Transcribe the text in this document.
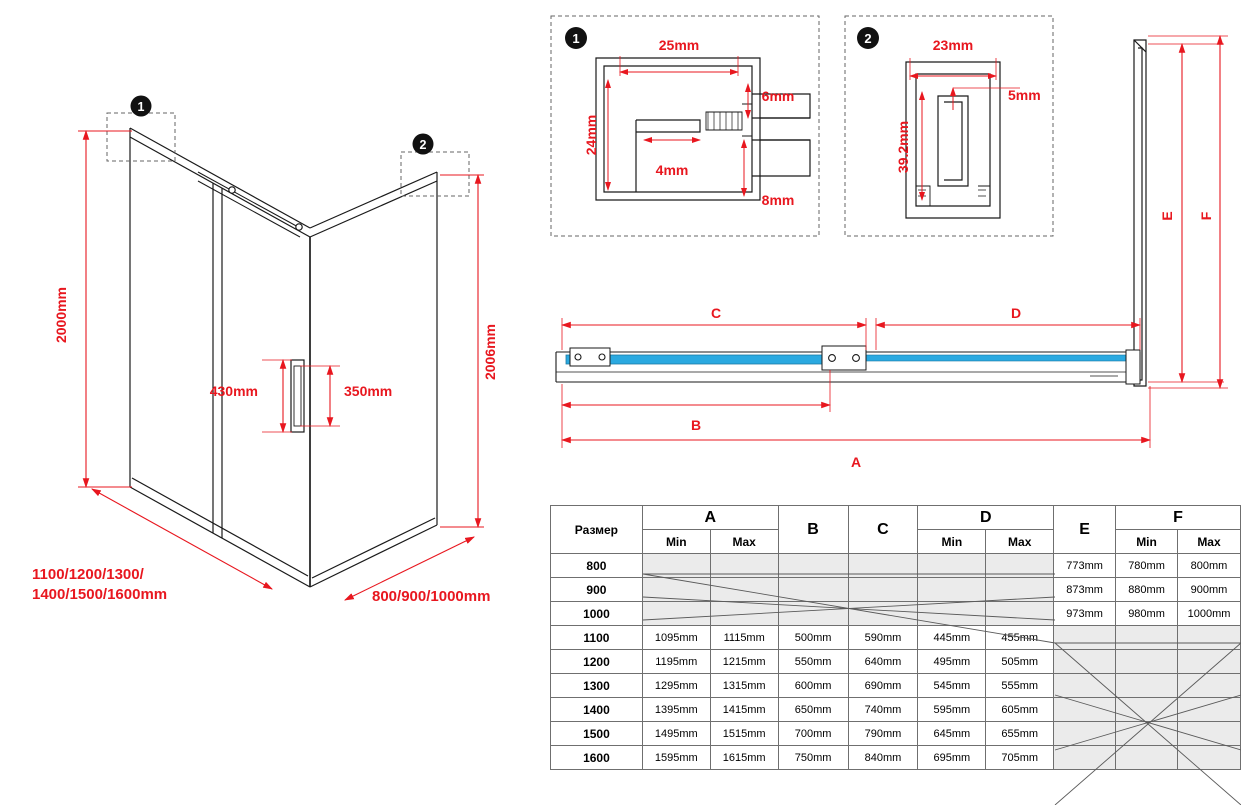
1
2
2000mm
2006mm
430mm	350mm
1	25mm
24mm
4mm
6mm
8mm
2	23mm
5mm
39.2mm
E F
C	D
B
A
1100/1200/1300/
1400/1500/1600mm	800/900/1000mm
Размер	A		B	C	D		E	F	
	Min	Max			Min	Max		Min	Max
800							773mm	780mm	800mm
900							873mm	880mm	900mm
1000							973mm	980mm	1000mm
1100	1095mm	1115mm	500mm	590mm	445mm	455mm			
1200	1195mm	1215mm	550mm	640mm	495mm	505mm			
1300	1295mm	1315mm	600mm	690mm	545mm	555mm			
1400	1395mm	1415mm	650mm	740mm	595mm	605mm			
1500	1495mm	1515mm	700mm	790mm	645mm	655mm			
1600	1595mm	1615mm	750mm	840mm	695mm	705mm			
